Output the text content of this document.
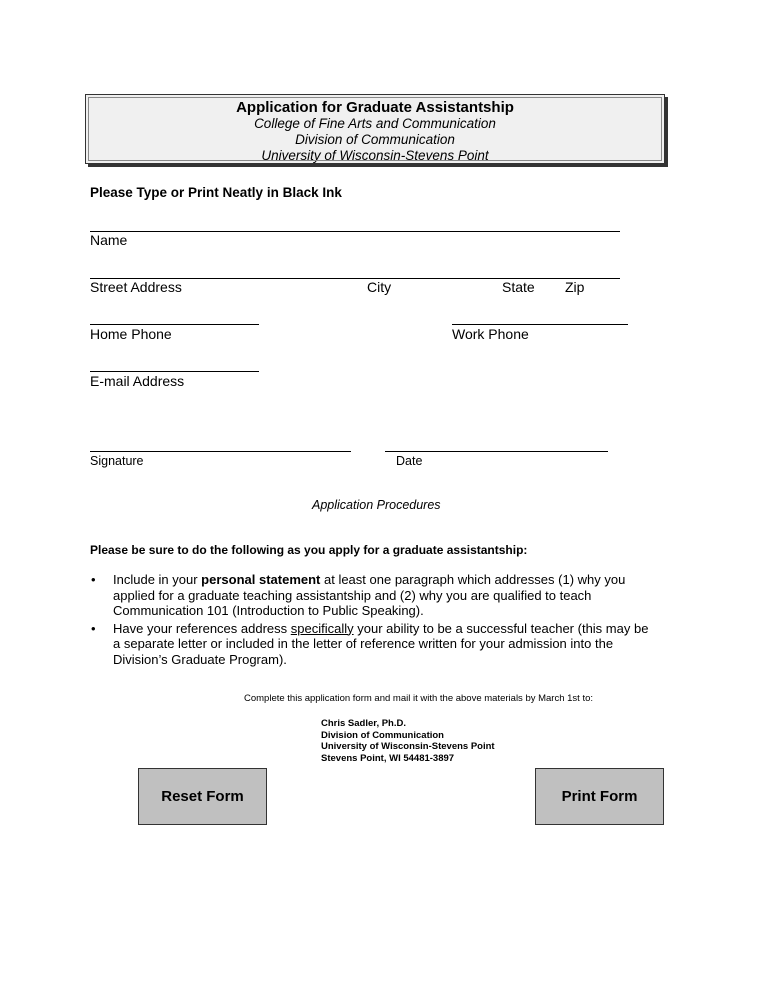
Application for Graduate Assistantship
College of Fine Arts and Communication
Division of Communication
University of Wisconsin-Stevens Point
Please Type or Print Neatly in Black Ink
Name
Street Address	City	State Zip
Home Phone	Work Phone
E-mail Address
Signature	Date
Application Procedures
Please be sure to do the following as you apply for a graduate assistantship:
• Include in your personal statement at least one paragraph which addresses (1) why you applied for a graduate teaching assistantship and (2) why you are qualified to teach Communication 101 (Introduction to Public Speaking).
• Have your references address specifically your ability to be a successful teacher (this may be a separate letter or included in the letter of reference written for your admission into the Division’s Graduate Program).
Complete this application form and mail it with the above materials by March 1st to:
Chris Sadler, Ph.D.
Division of Communication
University of Wisconsin-Stevens Point
Stevens Point, WI 54481-3897
Reset Form	Print Form
